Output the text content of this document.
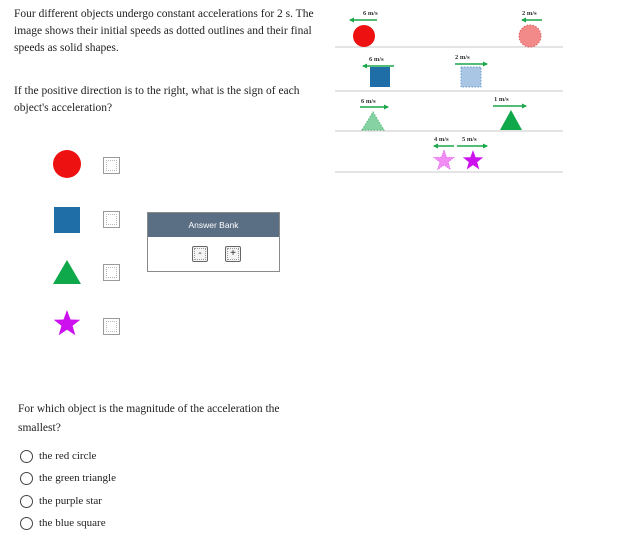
Four different objects undergo constant accelerations for 2 s. The image shows their initial speeds as dotted outlines and their final speeds as solid shapes.
If the positive direction is to the right, what is the sign of each object's acceleration?
Answer Bank
-	+
For which object is the magnitude of the acceleration the smallest?
the red circle
the green triangle
the purple star
the blue square
6 m/s	2 m/s
6 m/s	2 m/s
6 m/s	1 m/s
4 m/s 5 m/s
